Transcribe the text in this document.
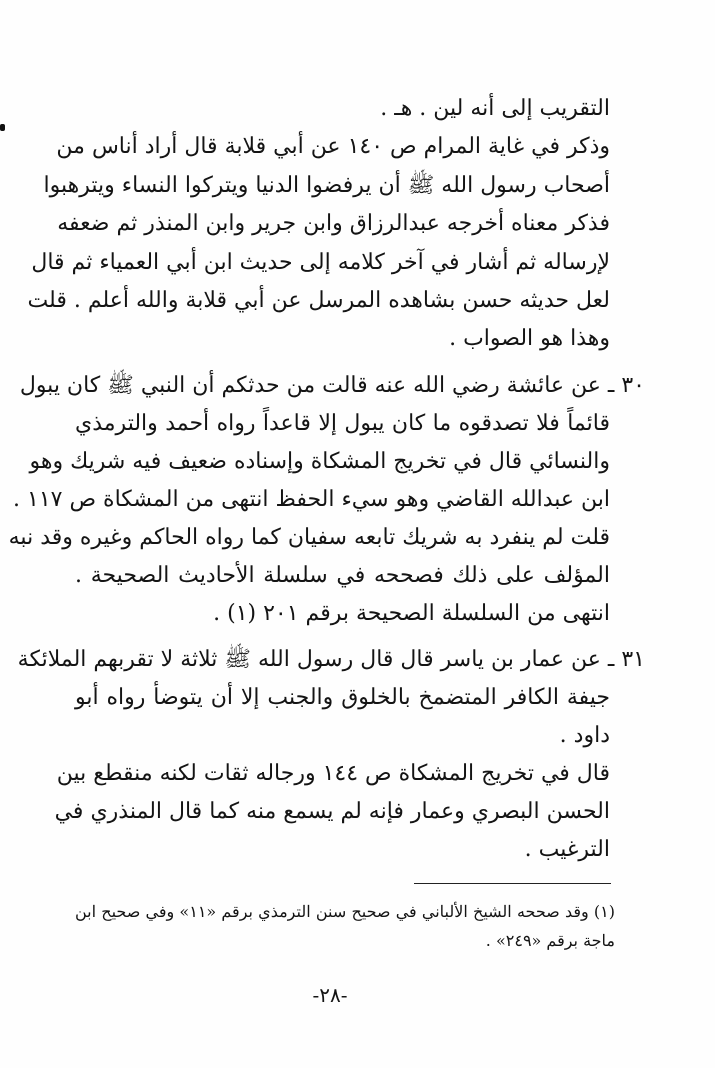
التقريب إلى أنه لين . هـ .
وذكر في غاية المرام ص ١٤٠ عن أبي قلابة قال أراد أناس من
أصحاب رسول الله ﷺ أن يرفضوا الدنيا ويتركوا النساء ويترهبوا
فذكر معناه أخرجه عبدالرزاق وابن جرير وابن المنذر ثم ضعفه
لإرساله ثم أشار في آخر كلامه إلى حديث ابن أبي العمياء ثم قال
لعل حديثه حسن بشاهده المرسل عن أبي قلابة والله أعلم . قلت
وهذا هو الصواب .
٣٠ ـ عن عائشة رضي الله عنه قالت من حدثكم أن النبي ﷺ كان يبول
قائماً فلا تصدقوه ما كان يبول إلا قاعداً رواه أحمد والترمذي
والنسائي قال في تخريج المشكاة وإسناده ضعيف فيه شريك وهو
ابن عبدالله القاضي وهو سيء الحفظ انتهى من المشكاة ص ١١٧ .
قلت لم ينفرد به شريك تابعه سفيان كما رواه الحاكم وغيره وقد نبه
المؤلف على ذلك فصححه في سلسلة الأحاديث الصحيحة .
انتهى من السلسلة الصحيحة برقم ٢٠١ (١) .
٣١ ـ عن عمار بن ياسر قال قال رسول الله ﷺ ثلاثة لا تقربهم الملائكة
جيفة الكافر المتضمخ بالخلوق والجنب إلا أن يتوضأ رواه أبو
داود .
قال في تخريج المشكاة ص ١٤٤ ورجاله ثقات لكنه منقطع بين
الحسن البصري وعمار فإنه لم يسمع منه كما قال المنذري في
الترغيب .
(١) وقد صححه الشيخ الألباني في صحيح سنن الترمذي برقم «١١» وفي صحيح ابن
ماجة برقم «٢٤٩» .
-٢٨-
